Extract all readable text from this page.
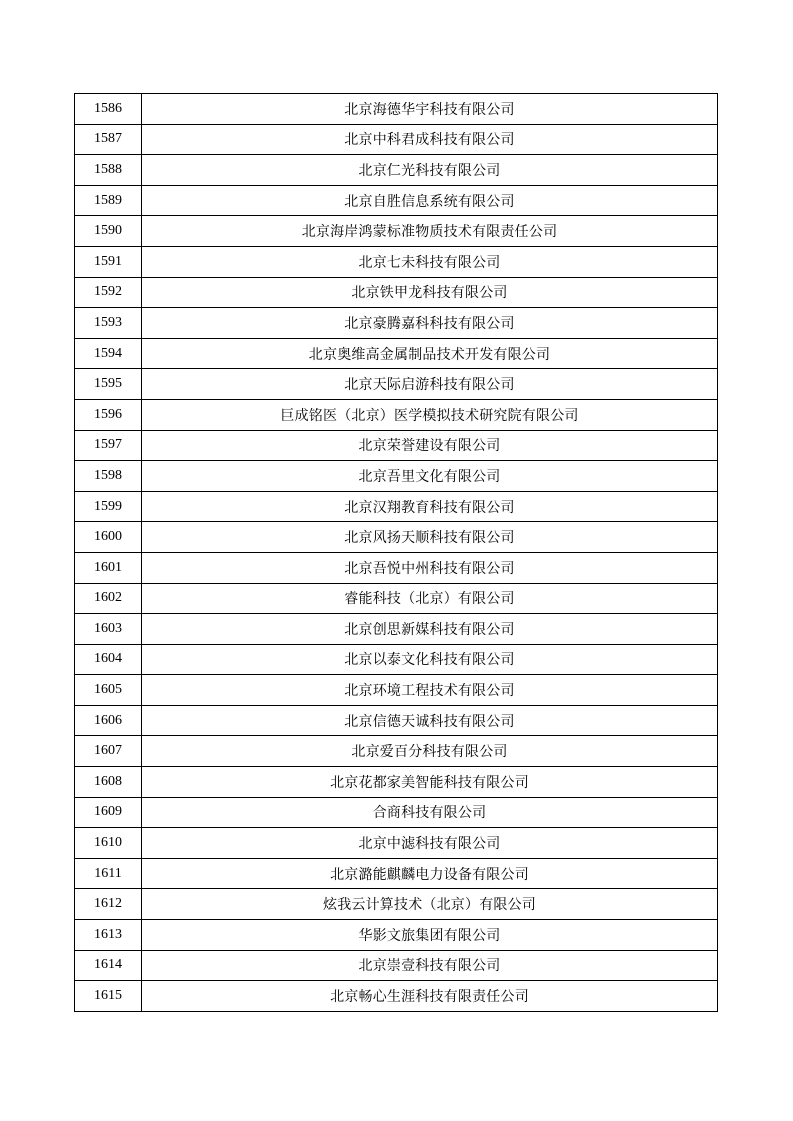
1586	北京海德华宇科技有限公司
1587	北京中科君成科技有限公司
1588	北京仁光科技有限公司
1589	北京自胜信息系统有限公司
1590	北京海岸鸿蒙标准物质技术有限责任公司
1591	北京七未科技有限公司
1592	北京铁甲龙科技有限公司
1593	北京豪腾嘉科科技有限公司
1594	北京奥维高金属制品技术开发有限公司
1595	北京天际启游科技有限公司
1596	巨成铭医（北京）医学模拟技术研究院有限公司
1597	北京荣誉建设有限公司
1598	北京吾里文化有限公司
1599	北京汉翔教育科技有限公司
1600	北京风扬天顺科技有限公司
1601	北京吾悦中州科技有限公司
1602	睿能科技（北京）有限公司
1603	北京创思新媒科技有限公司
1604	北京以泰文化科技有限公司
1605	北京环境工程技术有限公司
1606	北京信德天诚科技有限公司
1607	北京爱百分科技有限公司
1608	北京花都家美智能科技有限公司
1609	合商科技有限公司
1610	北京中滤科技有限公司
1611	北京潞能麒麟电力设备有限公司
1612	炫我云计算技术（北京）有限公司
1613	华影文旅集团有限公司
1614	北京崇壹科技有限公司
1615	北京畅心生涯科技有限责任公司
